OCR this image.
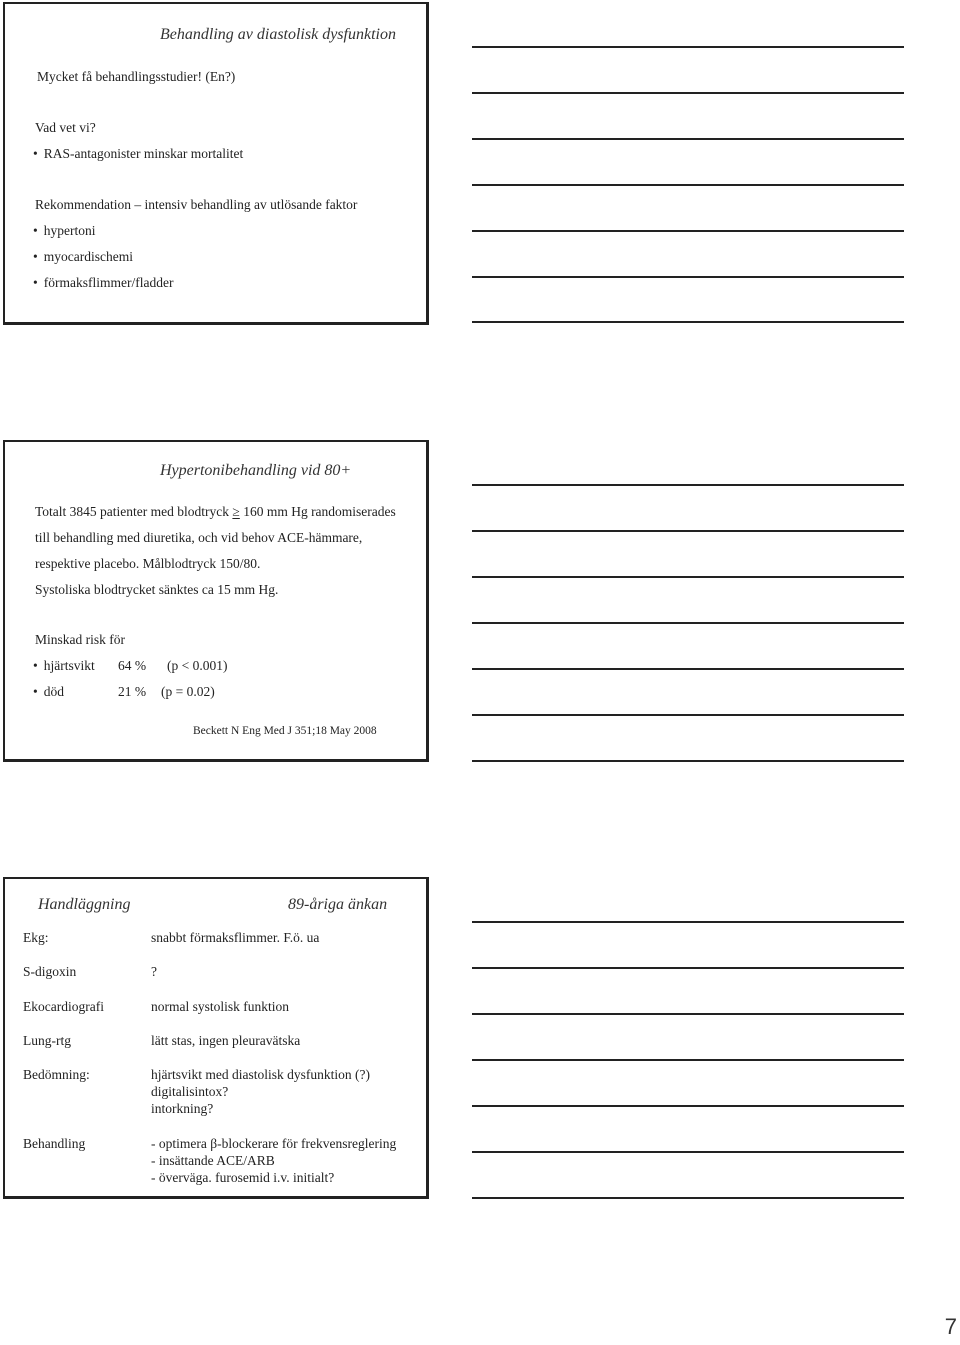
Behandling av diastolisk dysfunktion
Mycket få behandlingsstudier! (En?)
Vad vet vi?
• RAS-antagonister minskar mortalitet
Rekommendation – intensiv behandling av utlösande faktor
• hypertoni
• myocardischemi
• förmaksflimmer/fladder
Hypertonibehandling vid 80+
Totalt 3845 patienter med blodtryck ≥ 160 mm Hg randomiserades
till behandling med diuretika, och vid behov ACE-hämmare,
respektive placebo. Målblodtryck 150/80.
Systoliska blodtrycket sänktes ca 15 mm Hg.
Minskad risk för
• hjärtsvikt 64 % (p < 0.001)
• död	21 % (p = 0.02)
Beckett N Eng Med J 351;18 May 2008
Handläggning	89-åriga änkan
Ekg:	snabbt förmaksflimmer. F.ö. ua
S-digoxin	?
Ekocardiografi	normal systolisk funktion
Lung-rtg	lätt stas, ingen pleuravätska
Bedömning:	hjärtsvikt med diastolisk dysfunktion (?)
digitalisintox?
intorkning?
Behandling	- optimera β-blockerare för frekvensreglering
- insättande ACE/ARB
- överväga. furosemid i.v. initialt?
7
